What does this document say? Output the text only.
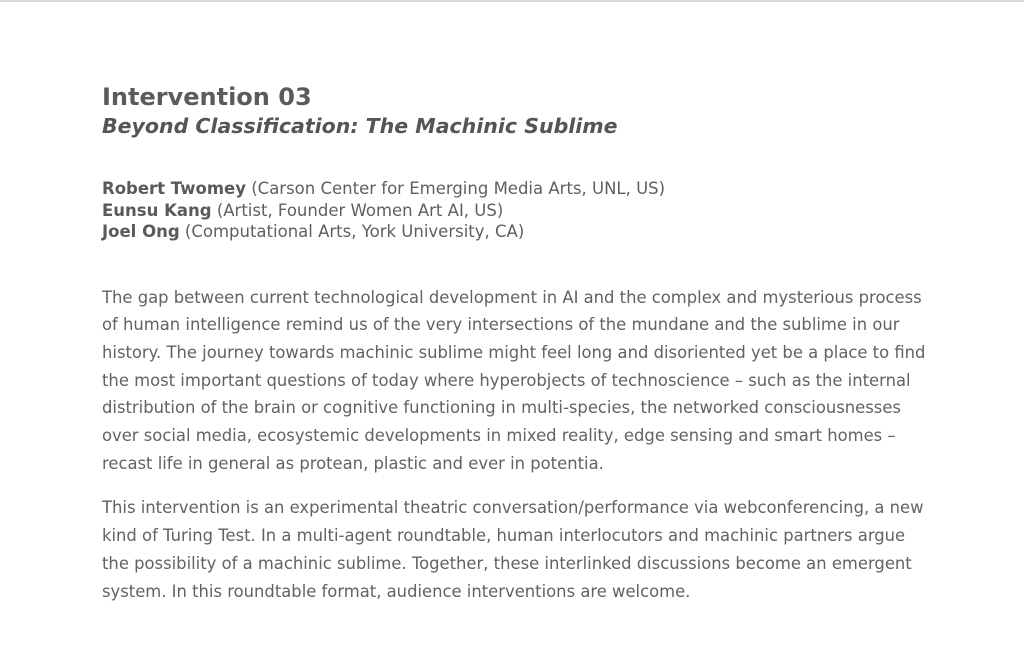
Intervention 03
Beyond Classification: The Machinic Sublime
Robert Twomey (Carson Center for Emerging Media Arts, UNL, US)
Eunsu Kang (Artist, Founder Women Art AI, US)
Joel Ong (Computational Arts, York University, CA)

The gap between current technological development in AI and the complex and mysterious process of human intelligence remind us of the very intersections of the mundane and the sublime in our history. The journey towards machinic sublime might feel long and disoriented yet be a place to find the most important questions of today where hyperobjects of technoscience – such as the internal distribution of the brain or cognitive functioning in multi-species, the networked consciousnesses over social media, ecosystemic developments in mixed reality, edge sensing and smart homes – recast life in general as protean, plastic and ever in potentia.

This intervention is an experimental theatric conversation/performance via webconferencing, a new kind of Turing Test. In a multi-agent roundtable, human interlocutors and machinic partners argue the possibility of a machinic sublime. Together, these interlinked discussions become an emergent system. In this roundtable format, audience interventions are welcome.
